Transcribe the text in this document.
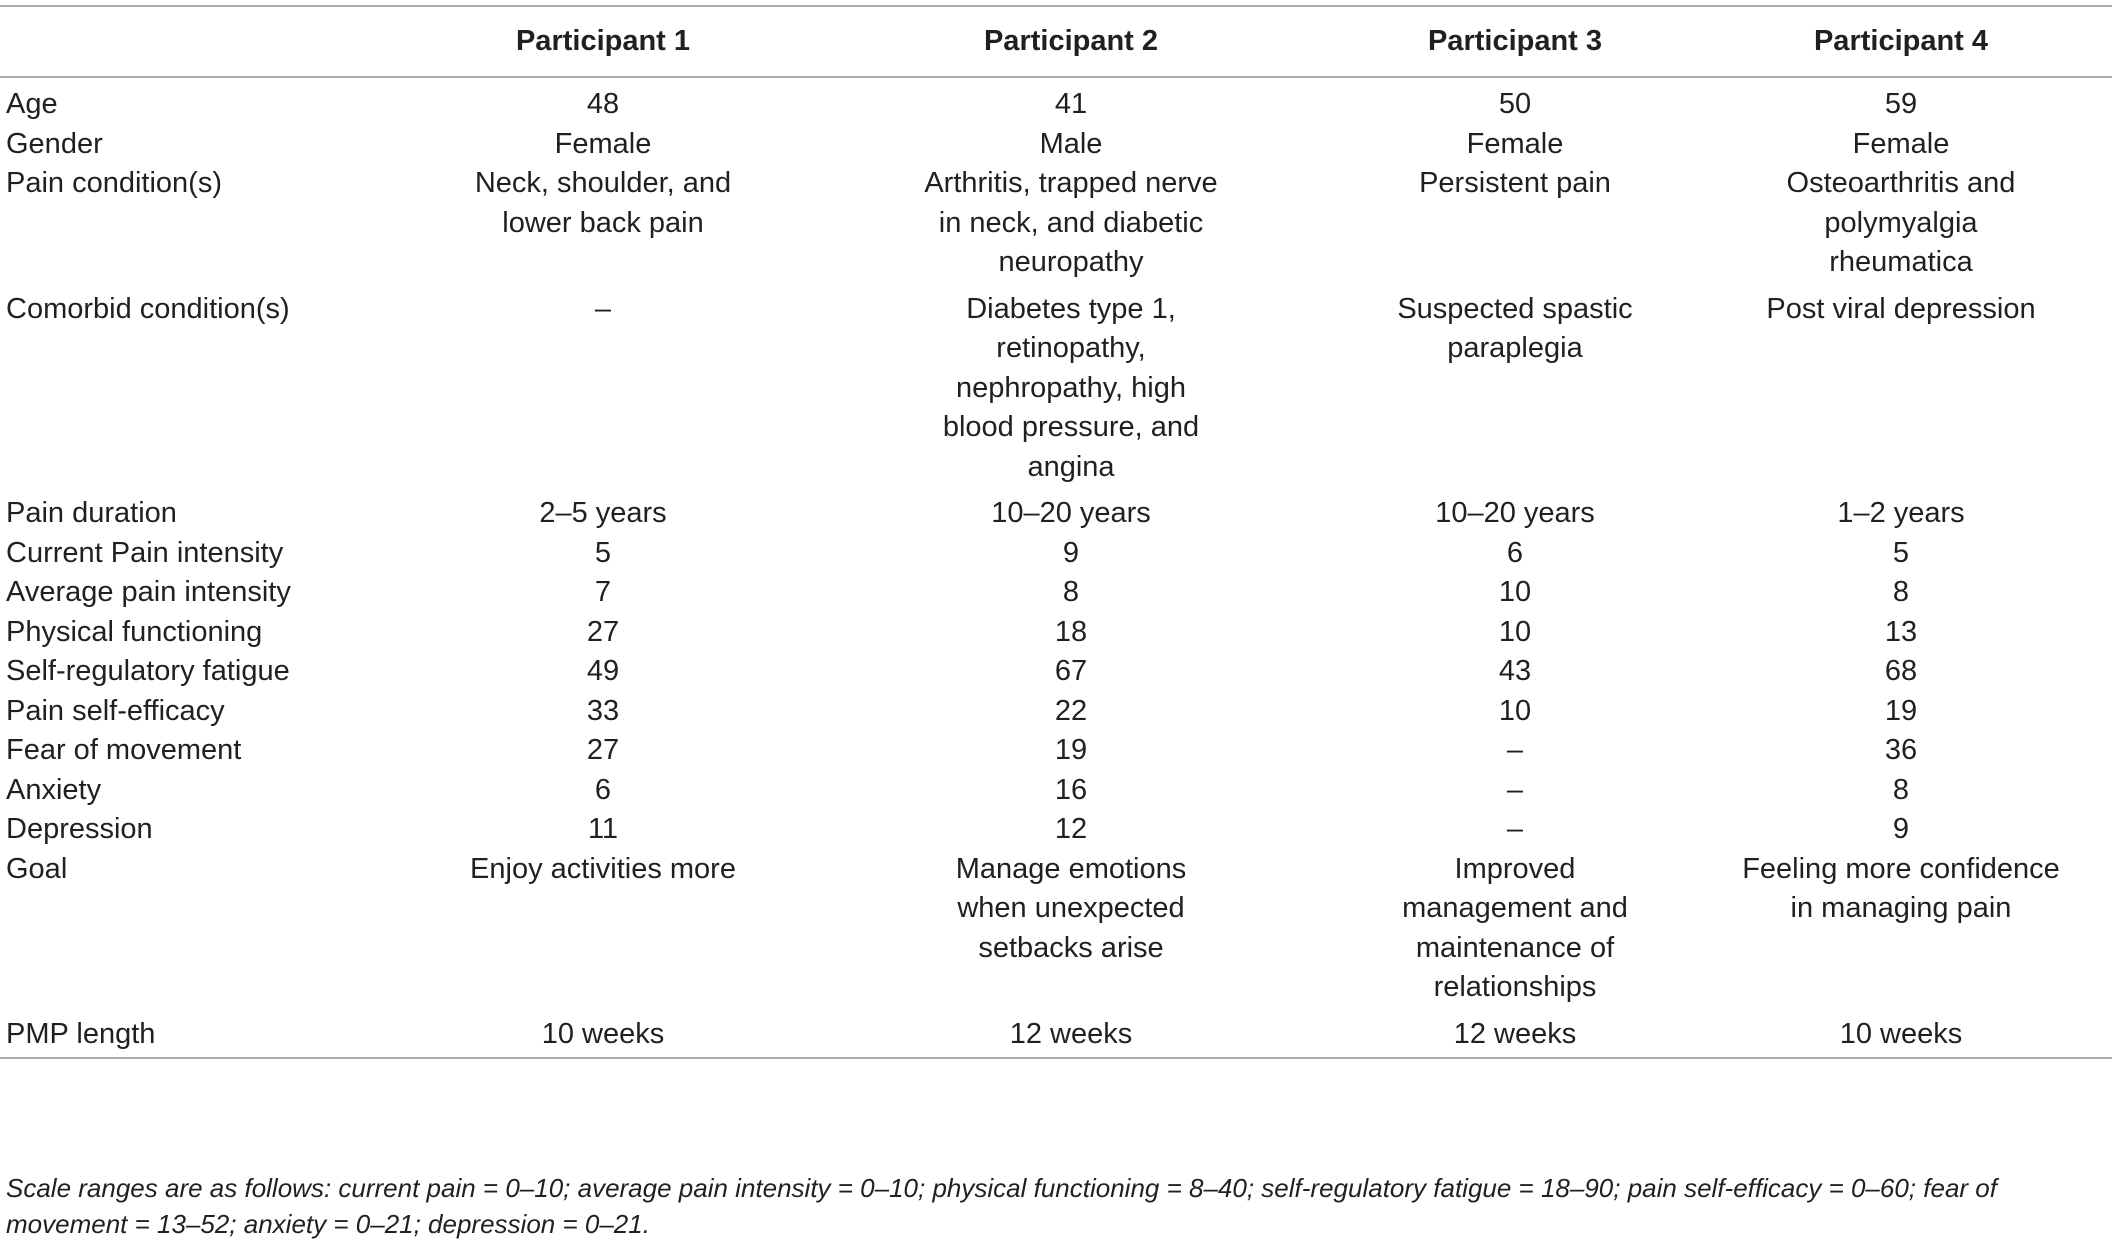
	Participant 1	Participant 2	Participant 3	Participant 4
Age	48	41	50	59
Gender	Female	Male	Female	Female
Pain condition(s)	Neck, shoulder, and lower back pain	Arthritis, trapped nerve in neck, and diabetic neuropathy	Persistent pain	Osteoarthritis and polymyalgia rheumatica

Comorbid condition(s)	–	Diabetes type 1, retinopathy, nephropathy, high blood pressure, and angina	Suspected spastic paraplegia	Post viral depression
Pain duration	2–5 years	10–20 years	10–20 years	1–2 years
Current Pain intensity	5	9	6	5
Average pain intensity	7	8	10	8
Physical functioning	27	18	10	13
Self-regulatory fatigue	49	67	43	68
Pain self-efficacy	33	22	10	19
Fear of movement	27	19	–	36
Anxiety	6	16	–	8
Depression	11	12	–	9
Goal	Enjoy activities more	Manage emotions when unexpected setbacks arise	Improved management and maintenance of relationships	Feeling more confidence in managing pain

PMP length	10 weeks	12 weeks	12 weeks	10 weeks
Scale ranges are as follows: current pain = 0–10; average pain intensity = 0–10; physical functioning = 8–40; self-regulatory fatigue = 18–90; pain self-efficacy = 0–60; fear of movement = 13–52; anxiety = 0–21; depression = 0–21.
